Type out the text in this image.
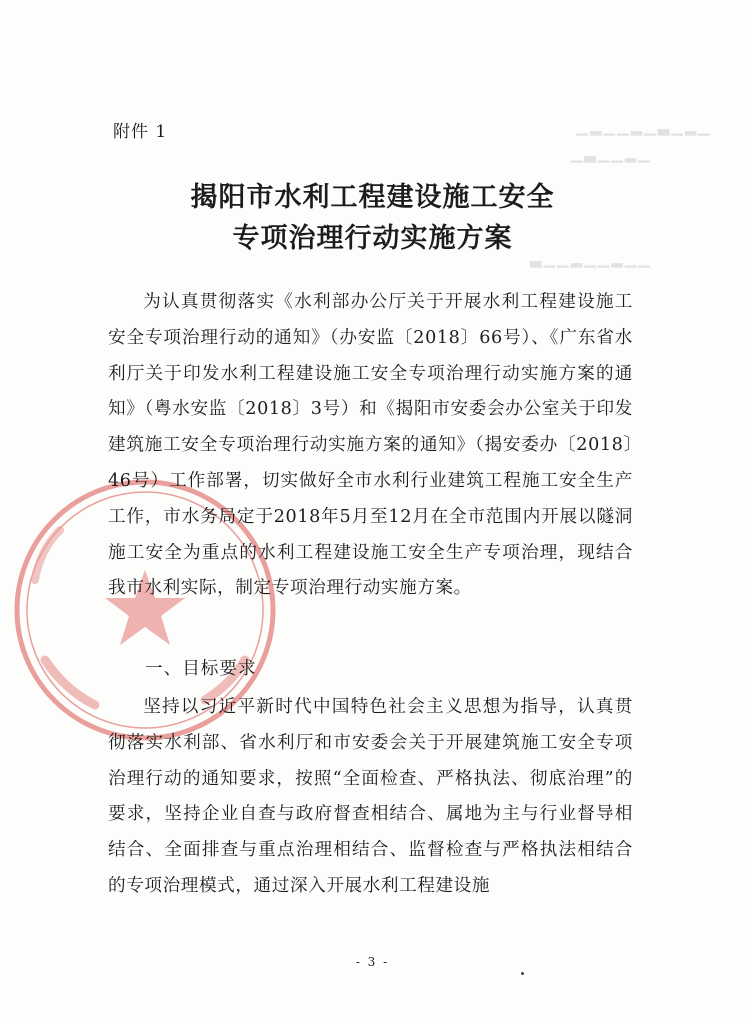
▁▂▁▃▁▂▁▁▂▁
▁▂▁▁▃▁
▁▁▂▁▁▂▁▁▃
附件 1
揭阳市水利工程建设施工安全
专项治理行动实施方案

为认真贯彻落实《水利部办公厅关于开展水利工程建设施工安全专项治理行动的通知》（办安监〔2018〕66号）、《广东省水利厅关于印发水利工程建设施工安全专项治理行动实施方案的通知》（粤水安监〔2018〕3号）和《揭阳市安委会办公室关于印发建筑施工安全专项治理行动实施方案的通知》（揭安委办〔2018〕46号）工作部署，切实做好全市水利行业建筑工程施工安全生产工作，市水务局定于2018年5月至12月在全市范围内开展以隧洞施工安全为重点的水利工程建设施工安全生产专项治理，现结合我市水利实际，制定专项治理行动实施方案。

一、目标要求

坚持以习近平新时代中国特色社会主义思想为指导，认真贯彻落实水利部、省水利厅和市安委会关于开展建筑施工安全专项治理行动的通知要求，按照“全面检查、严格执法、彻底治理”的要求，坚持企业自查与政府督查相结合、属地为主与行业督导相结合、全面排查与重点治理相结合、监督检查与严格执法相结合的专项治理模式，通过深入开展水利工程建设施

- 3 -
